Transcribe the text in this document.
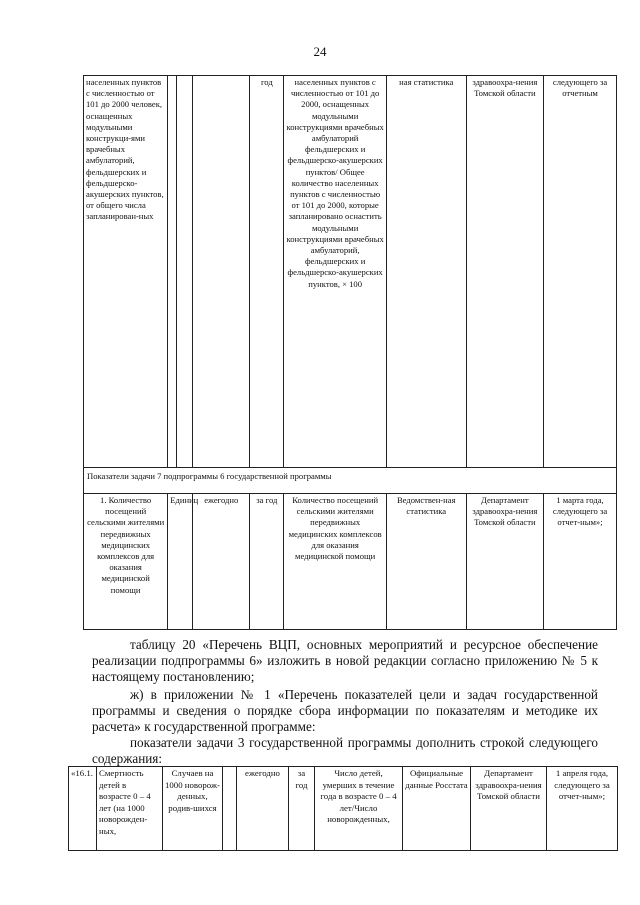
24
населенных пунктов с численностью от 101 до 2000 человек, оснащенных модульными конструкци-ями врачебных амбулаторий, фельдшерских и фельдшерско-акушерских пунктов, от общего числа запланирован-ных				год	населенных пунктов с численностью от 101 до 2000, оснащенных модульными конструкциями врачебных амбулаторий фельдшерских и фельдшерско-акушерских пунктов/ Общее количество населенных пунктов с численностью от 101 до 2000, которые запланировано оснастить модульными конструкциями врачебных амбулаторий, фельдшерских и фельдшерско-акушерских пунктов, × 100	ная статистика	здравоохра-нения Томской области	следующего за отчетным
Показатели задачи 7 подпрограммы 6 государственной программы								
1. Количество посещений сельскими жителями передвижных медицинских комплексов для оказания медицинской помощи	Единиц		ежегодно	за год	Количество посещений сельскими жителями передвижных медицинских комплексов для оказания медицинской помощи	Ведомствен-ная статистика	Департамент здравоохра-нения Томской области	1 марта года, следующего за отчет-ным»;
таблицу 20 «Перечень ВЦП, основных мероприятий и ресурсное обеспечение реализации подпрограммы 6» изложить в новой редакции согласно приложению № 5 к настоящему постановлению;
ж) в приложении № 1 «Перечень показателей цели и задач государственной программы и сведения о порядке сбора информации по показателям и методике их расчета» к государственной программе:
показатели задачи 3 государственной программы дополнить строкой следующего содержания:
«16.1.	Смертность детей в возрасте 0 – 4 лет (на 1000 новорожден-ных,	Случаев на 1000 новорож-денных, родив-шихся		ежегодно	за год	Число детей, умерших в течение года в возрасте 0 – 4 лет/Число новорожденных,	Официальные данные Росстата	Департамент здравоохра-нения Томской области	1 апреля года, следующего за отчет-ным»;
